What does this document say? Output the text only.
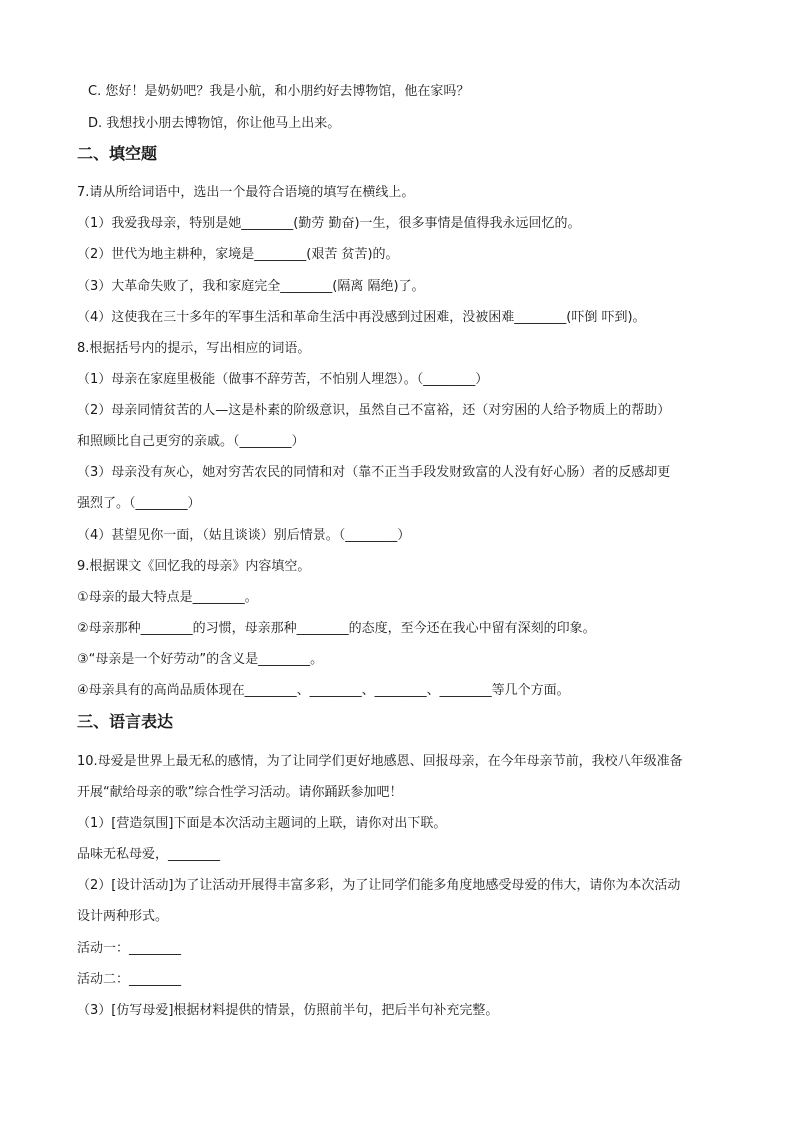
C. 您好！是奶奶吧？我是小航，和小朋约好去博物馆，他在家吗？
D. 我想找小朋去博物馆，你让他马上出来。
二、填空题
7.请从所给词语中，选出一个最符合语境的填写在横线上。
（1）我爱我母亲，特别是她________(勤劳 勤奋)一生，很多事情是值得我永远回忆的。
（2）世代为地主耕种，家境是________(艰苦 贫苦)的。
（3）大革命失败了，我和家庭完全________(隔离 隔绝)了。
（4）这使我在三十多年的军事生活和革命生活中再没感到过困难，没被困难________(吓倒 吓到)。
8.根据括号内的提示，写出相应的词语。
（1）母亲在家庭里极能（做事不辞劳苦，不怕别人埋怨）。（________）
（2）母亲同情贫苦的人—这是朴素的阶级意识，虽然自己不富裕，还（对穷困的人给予物质上的帮助）
和照顾比自己更穷的亲戚。（________）
（3）母亲没有灰心，她对穷苦农民的同情和对（靠不正当手段发财致富的人没有好心肠）者的反感却更
强烈了。（________）
（4）甚望见你一面，（姑且谈谈）别后情景。（________）
9.根据课文《回忆我的母亲》内容填空。
①母亲的最大特点是________。
②母亲那种________的习惯，母亲那种________的态度，至今还在我心中留有深刻的印象。
③“母亲是一个好劳动”的含义是________。
④母亲具有的高尚品质体现在________、________、________、________等几个方面。
三、语言表达
10.母爱是世界上最无私的感情，为了让同学们更好地感恩、回报母亲，在今年母亲节前，我校八年级准备
开展“献给母亲的歌”综合性学习活动。请你踊跃参加吧！
（1）[营造氛围]下面是本次活动主题词的上联，请你对出下联。
品味无私母爱，________
（2）[设计活动]为了让活动开展得丰富多彩，为了让同学们能多角度地感受母爱的伟大，请你为本次活动
设计两种形式。
活动一：________
活动二：________
（3）[仿写母爱]根据材料提供的情景，仿照前半句，把后半句补充完整。
